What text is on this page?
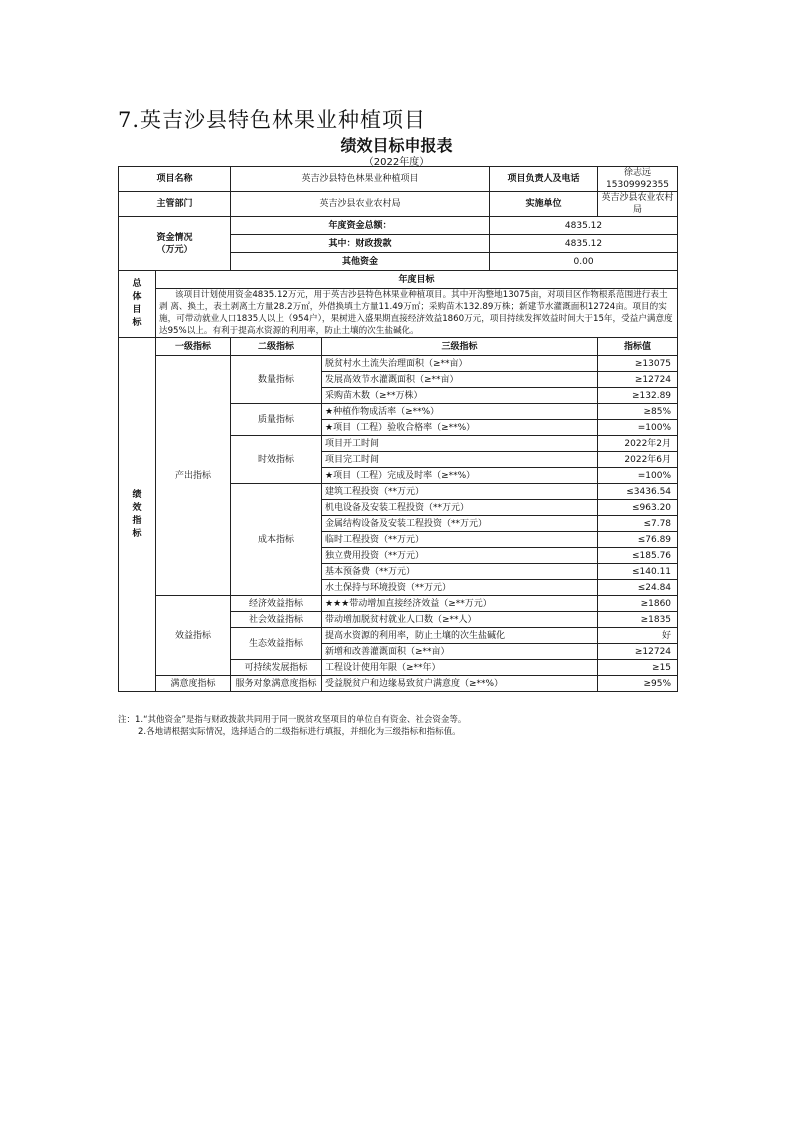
7.英吉沙县特色林果业种植项目
绩效目标申报表
（2022年度）
项目名称		英吉沙县特色林果业种植项目		项目负责人及电话	徐志远15309992355
主管部门		英吉沙县农业农村局		实施单位	英吉沙县农业农村局
资金情况
（万元）		年度资金总额：		4835.12	
		其中：财政拨款		4835.12	
		其他资金		0.00	

总
体
目
标	年度目标				
	该项目计划使用资金4835.12万元，用于英吉沙县特色林果业种植项目。其中开沟整地13075亩，对项目区作物根系范围进行表土剥 离、换土，表土剥离土方量28.2万㎡，外借换填土方量11.49万㎡；采购苗木132.89万株；新建节水灌溉面积12724亩。项目的实施，可带动就业人口1835人以上（954户），果树进入盛果期直接经济效益1860万元，项目持续发挥效益时间大于15年，受益户满意度达95%以上。有利于提高水资源的利用率，防止土壤的次生盐碱化。				

绩
效
指
标	一级指标	二级指标	三级指标		指标值
	产出指标	数量指标	脱贫村水土流失治理面积（≥**亩）		≥13075
			发展高效节水灌溉面积（≥**亩）		≥12724
			采购苗木数（≥**万株）		≥132.89
		质量指标	★种植作物成活率（≥**%）		≥85%
			★项目（工程）验收合格率（≥**%）		=100%
		时效指标	项目开工时间		2022年2月
			项目完工时间		2022年6月
			★项目（工程）完成及时率（≥**%）		=100%
		成本指标	建筑工程投资（**万元）		≤3436.54
			机电设备及安装工程投资（**万元）		≤963.20
			金属结构设备及安装工程投资（**万元）		≤7.78
			临时工程投资（**万元）		≤76.89
			独立费用投资（**万元）		≤185.76
			基本预备费（**万元）		≤140.11
			水土保持与环境投资（**万元）		≤24.84
	效益指标	经济效益指标	★★★带动增加直接经济效益（≥**万元）		≥1860
		社会效益指标	带动增加脱贫村就业人口数（≥**人）		≥1835
		生态效益指标	提高水资源的利用率，防止土壤的次生盐碱化		好
			新增和改善灌溉面积（≥**亩）		≥12724
		可持续发展指标	工程设计使用年限（≥**年）		≥15
	满意度指标	服务对象满意度指标	受益脱贫户和边缘易致贫户满意度（≥**%）		≥95%
注：1.“其他资金”是指与财政拨款共同用于同一脱贫攻坚项目的单位自有资金、社会资金等。
2.各地请根据实际情况，选择适合的二级指标进行填报，并细化为三级指标和指标值。
